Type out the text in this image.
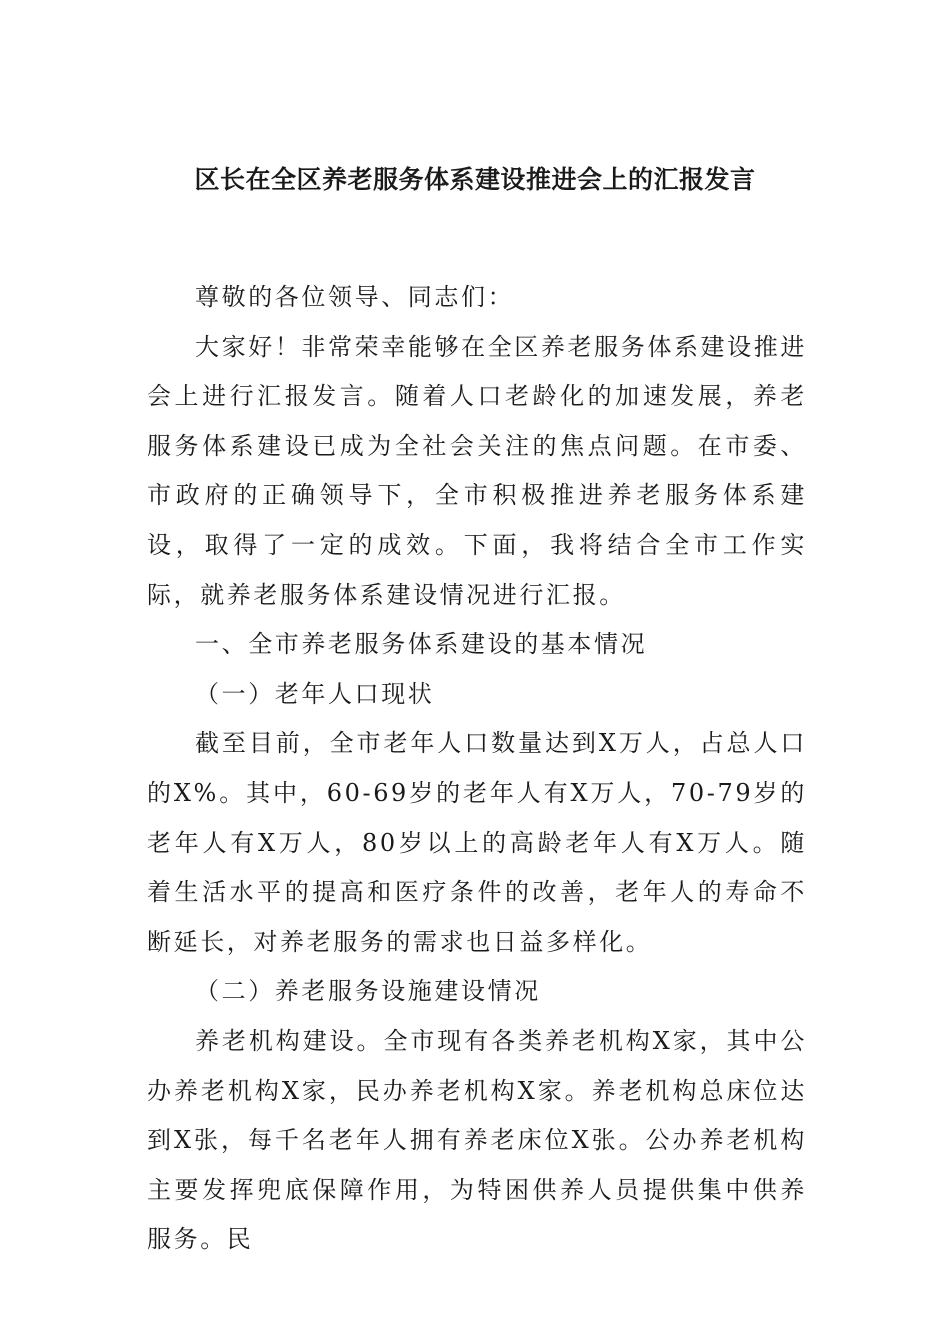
区长在全区养老服务体系建设推进会上的汇报发言

尊敬的各位领导、同志们：

大家好！非常荣幸能够在全区养老服务体系建设推进会上进行汇报发言。随着人口老龄化的加速发展，养老服务体系建设已成为全社会关注的焦点问题。在市委、市政府的正确领导下，全市积极推进养老服务体系建设，取得了一定的成效。下面，我将结合全市工作实际，就养老服务体系建设情况进行汇报。

一、全市养老服务体系建设的基本情况

（一）老年人口现状

截至目前，全市老年人口数量达到X万人，占总人口的X%。其中，60-69岁的老年人有X万人，70-79岁的老年人有X万人，80岁以上的高龄老年人有X万人。随着生活水平的提高和医疗条件的改善，老年人的寿命不断延长，对养老服务的需求也日益多样化。

（二）养老服务设施建设情况

养老机构建设。全市现有各类养老机构X家，其中公办养老机构X家，民办养老机构X家。养老机构总床位达到X张，每千名老年人拥有养老床位X张。公办养老机构主要发挥兜底保障作用，为特困供养人员提供集中供养服务。民
